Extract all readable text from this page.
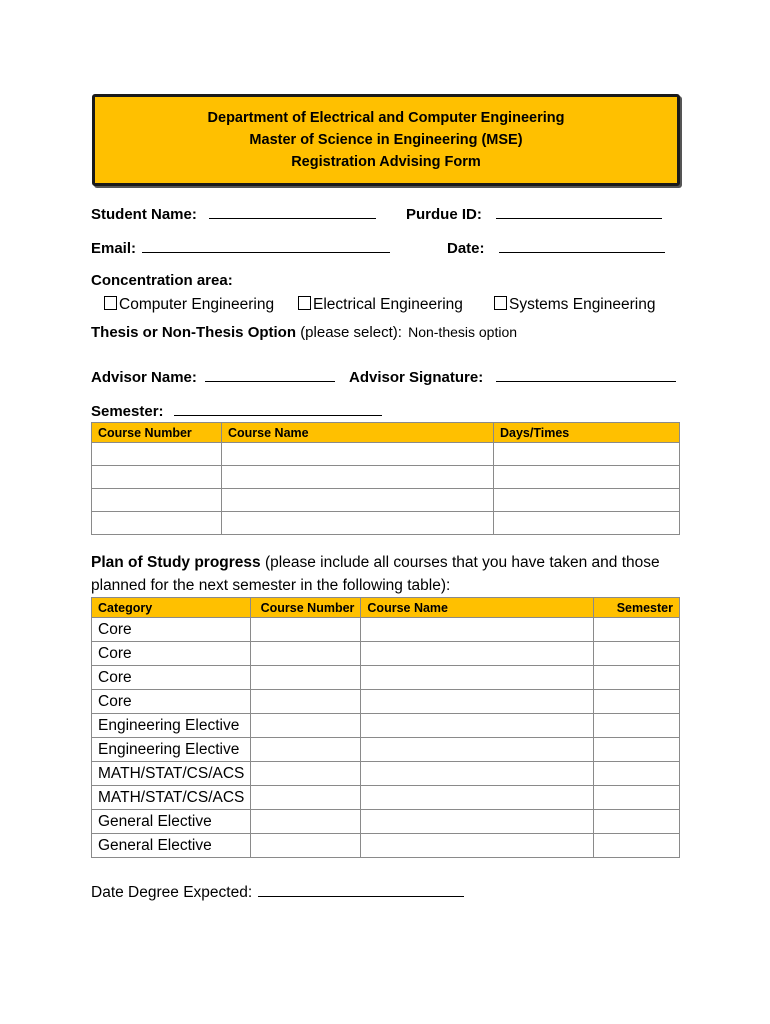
Department of Electrical and Computer Engineering
Master of Science in Engineering (MSE)
Registration Advising Form
Student Name:	Purdue ID:
Email:	Date:
Concentration area:
Computer Engineering	Electrical Engineering	Systems Engineering
Thesis or Non-Thesis Option (please select): Non-thesis option
Advisor Name:	Advisor Signature:
Semester:
Course Number	Course Name	Days/Times

Plan of Study progress (please include all courses that you have taken and those
planned for the next semester in the following table):
Category	Course Number	Course Name	Semester
Core			
Core			
Core			
Core			
Engineering Elective			
Engineering Elective			
MATH/STAT/CS/ACS			
MATH/STAT/CS/ACS			
General Elective			
General Elective			
Date Degree Expected:
